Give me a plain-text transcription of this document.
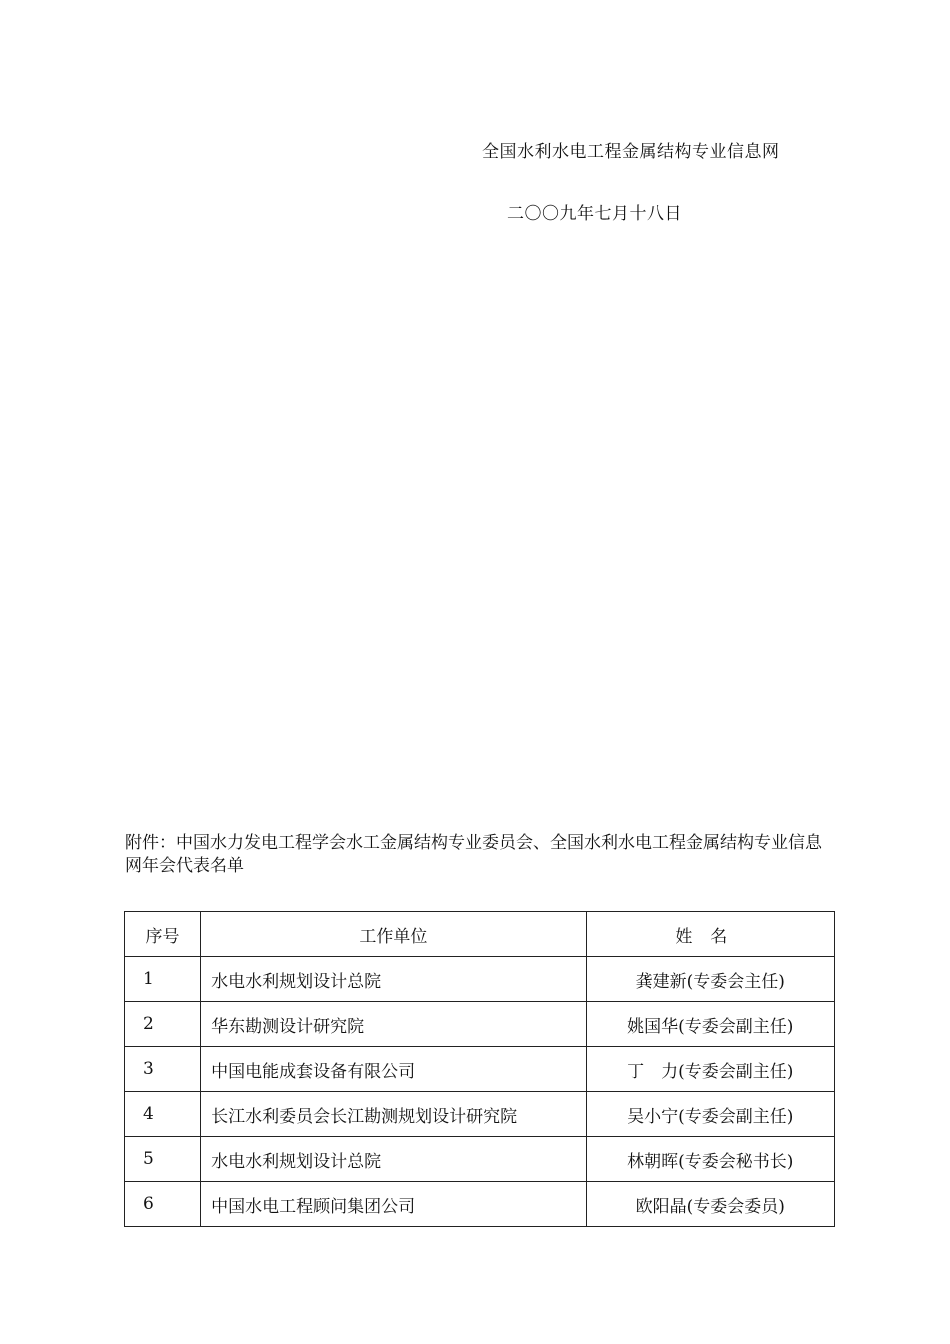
全国水利水电工程金属结构专业信息网
二〇〇九年七月十八日
附件：中国水力发电工程学会水工金属结构专业委员会、全国水利水电工程金属结构专业信息网年会代表名单
序号	工作单位	姓名
1	水电水利规划设计总院	龚建新(专委会主任)
2	华东勘测设计研究院	姚国华(专委会副主任)
3	中国电能成套设备有限公司	丁　力(专委会副主任)
4	长江水利委员会长江勘测规划设计研究院	吴小宁(专委会副主任)
5	水电水利规划设计总院	林朝晖(专委会秘书长)
6	中国水电工程顾问集团公司	欧阳晶(专委会委员)
